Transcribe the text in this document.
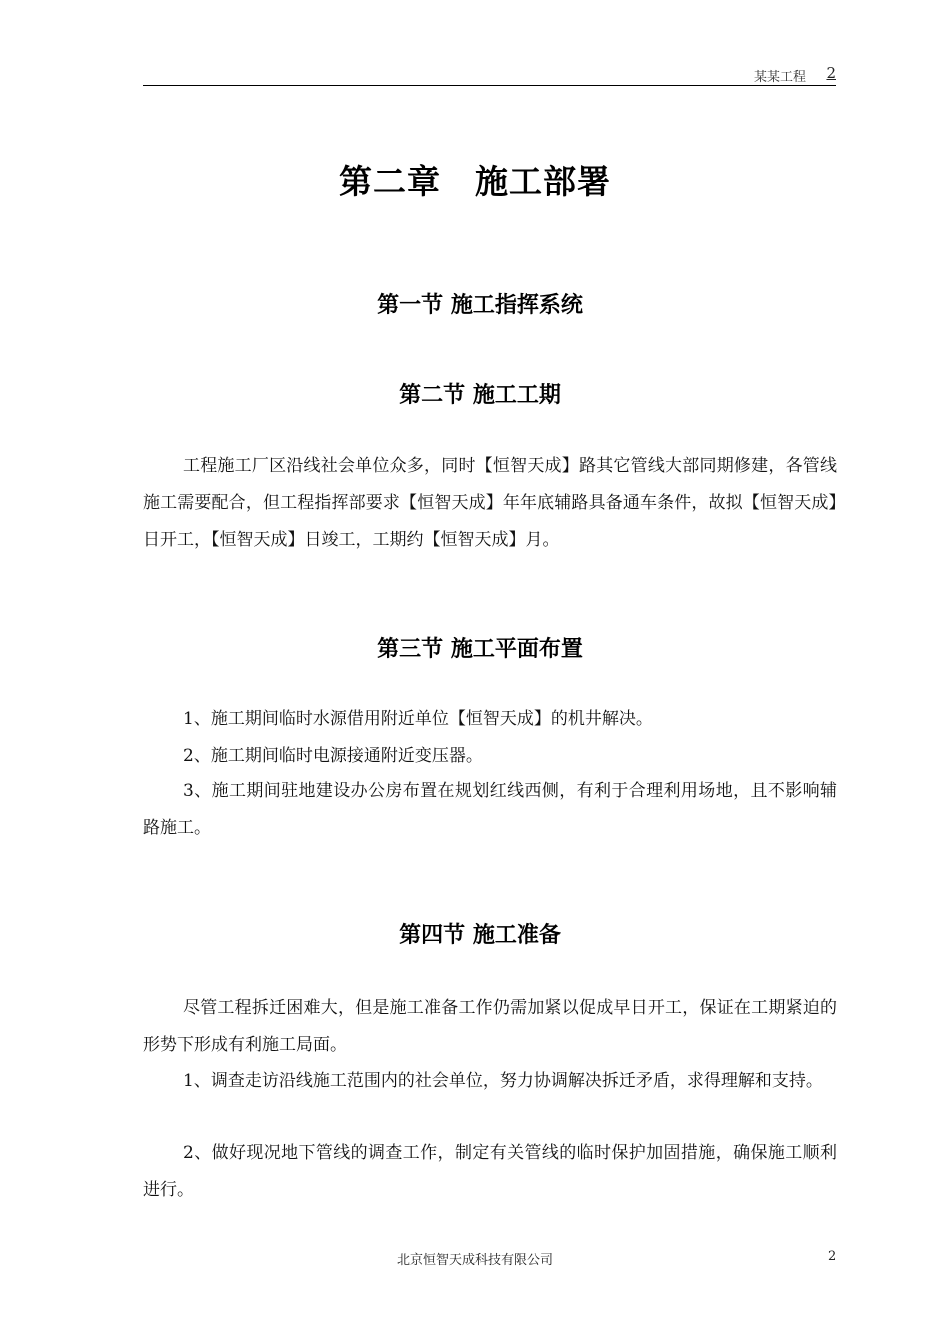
某某工程 2
第二章　施工部署
第一节 施工指挥系统
第二节 施工工期
工程施工厂区沿线社会单位众多，同时【恒智天成】路其它管线大部同期修建，各管线施工需要配合，但工程指挥部要求【恒智天成】年年底辅路具备通车条件，故拟【恒智天成】日开工，【恒智天成】日竣工，工期约【恒智天成】月。
第三节 施工平面布置
1、施工期间临时水源借用附近单位【恒智天成】的机井解决。
2、施工期间临时电源接通附近变压器。
3、施工期间驻地建设办公房布置在规划红线西侧，有利于合理利用场地，且不影响辅路施工。
第四节 施工准备
尽管工程拆迁困难大，但是施工准备工作仍需加紧以促成早日开工，保证在工期紧迫的形势下形成有利施工局面。
1、调查走访沿线施工范围内的社会单位，努力协调解决拆迁矛盾，求得理解和支持。
2、做好现况地下管线的调查工作，制定有关管线的临时保护加固措施，确保施工顺利进行。
北京恒智天成科技有限公司	2
